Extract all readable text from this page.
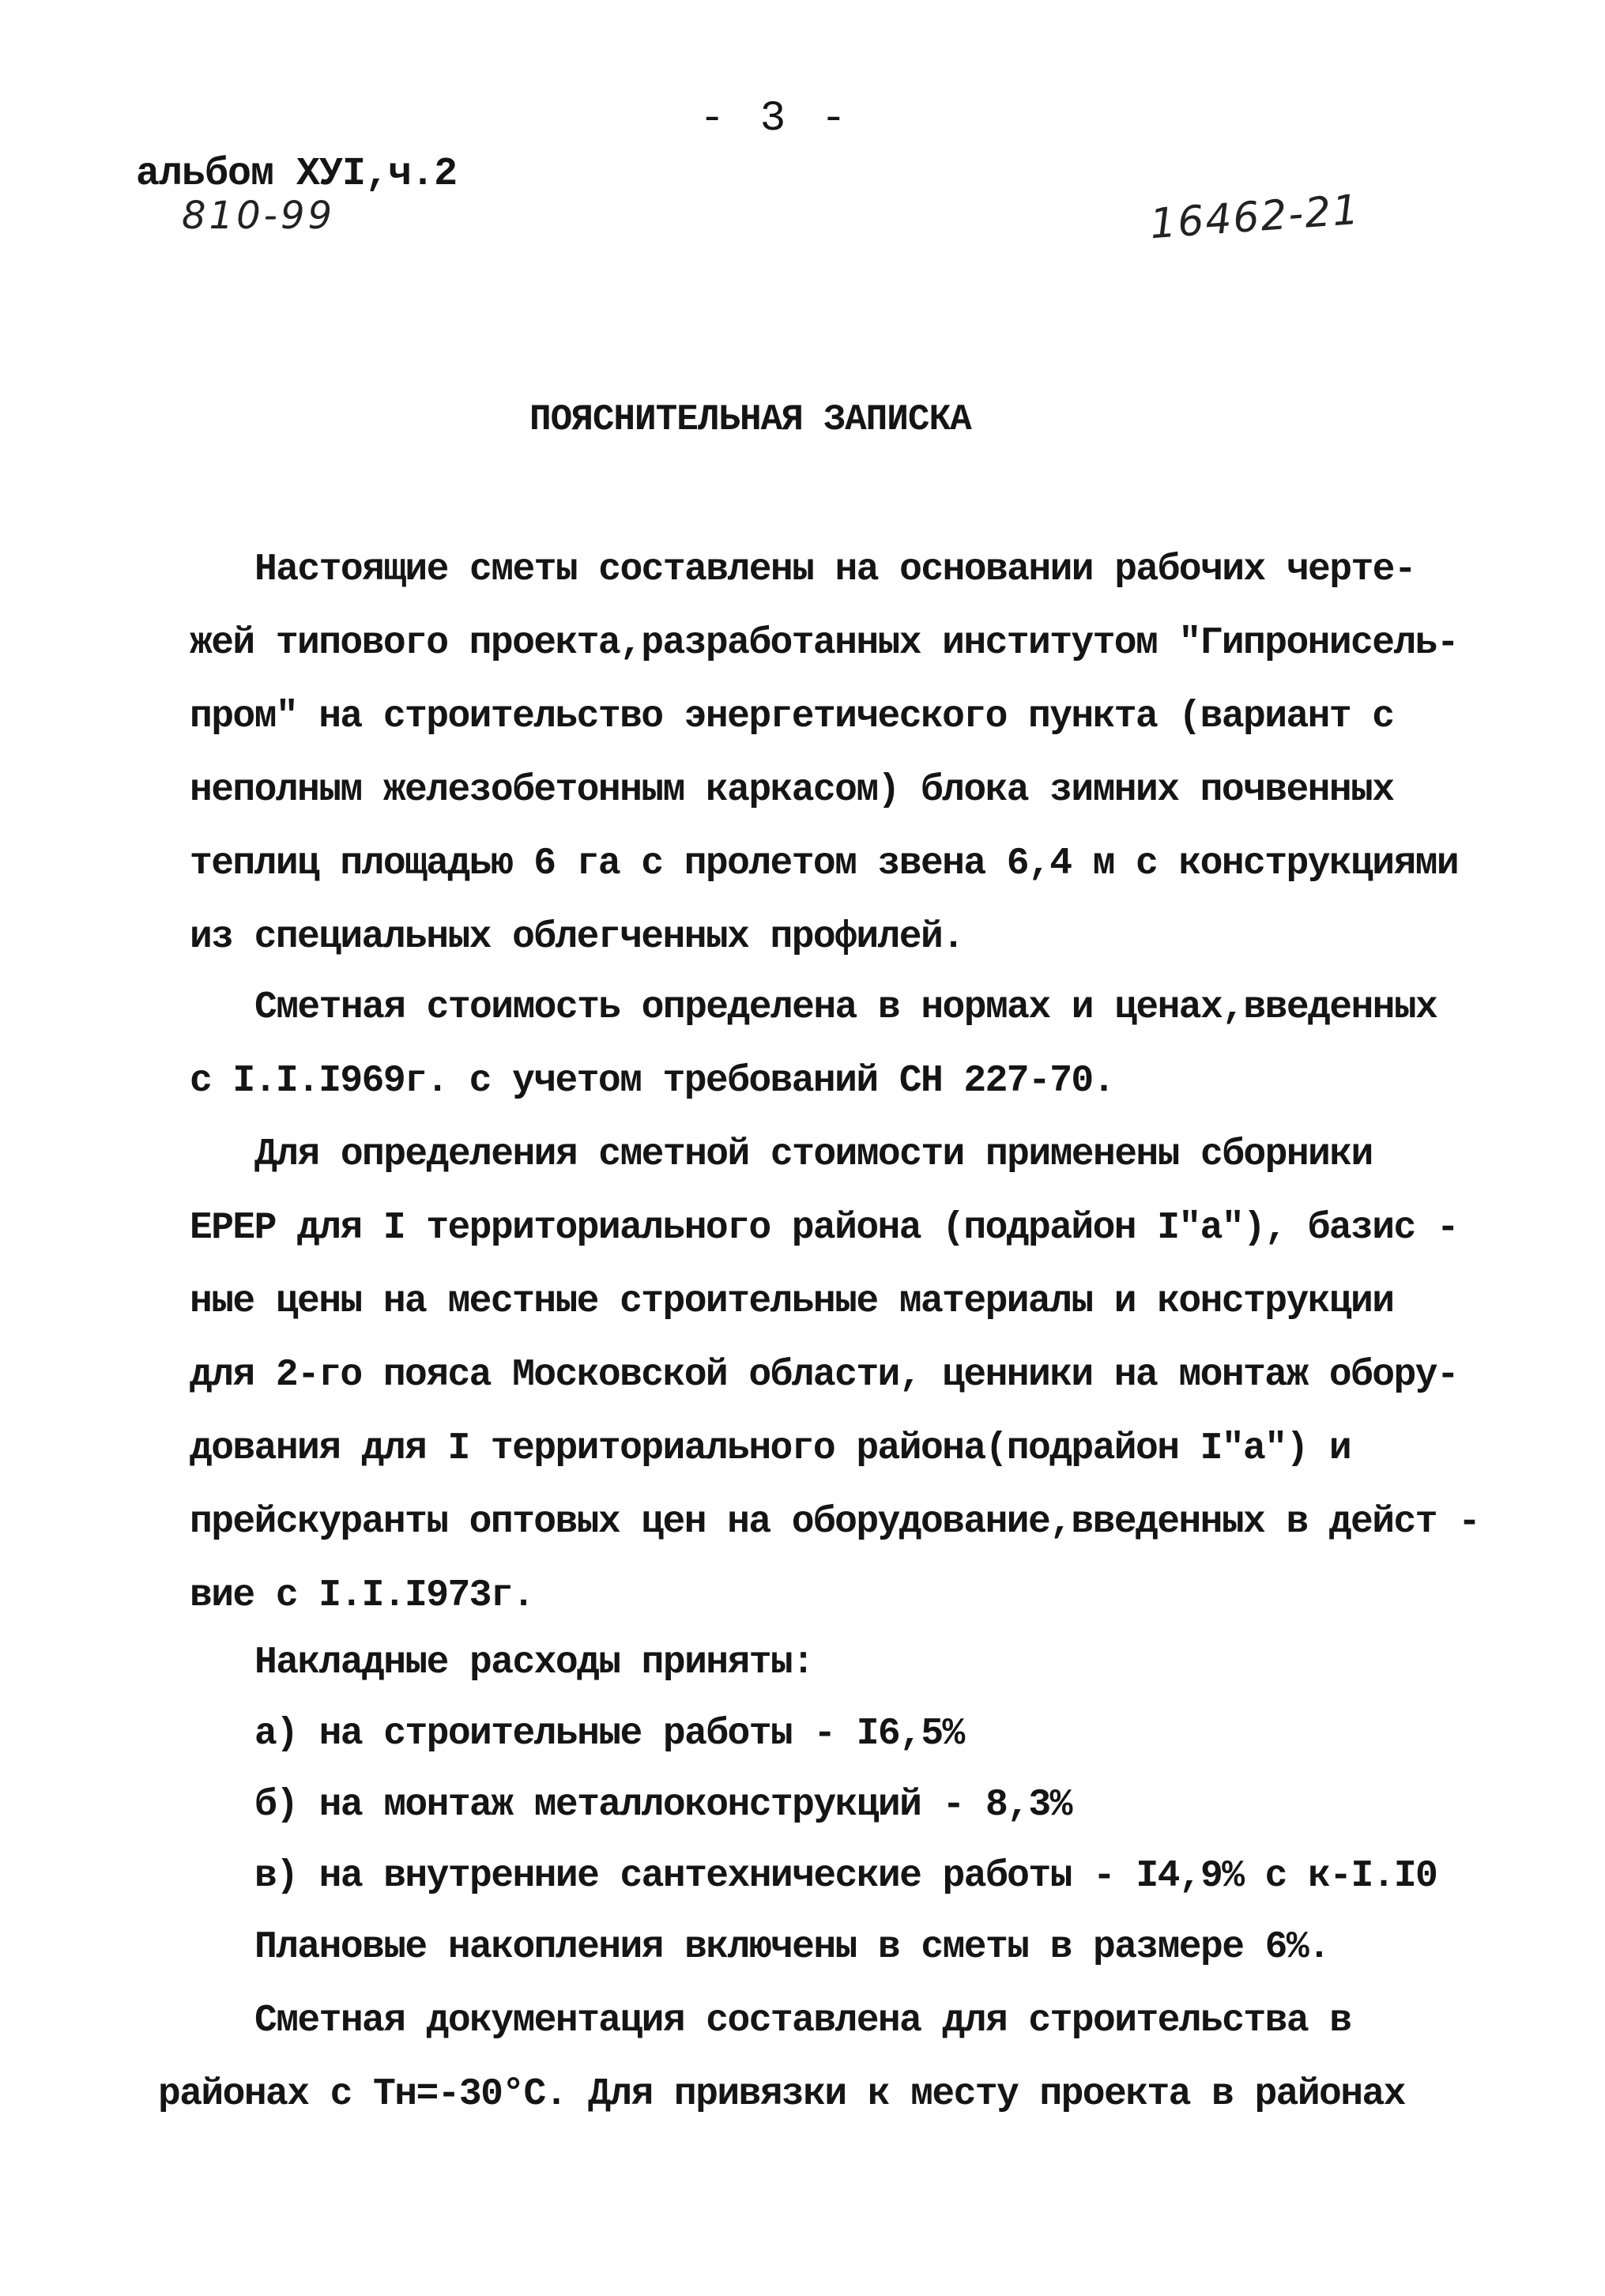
- 3 -
альбом ХУI,ч.2
810-99	16462-21
ПОЯСНИТЕЛЬНАЯ ЗАПИСКА
Настоящие сметы составлены на основании рабочих черте-
жей типового проекта,разработанных институтом "Гипронисель-
пром" на строительство энергетического пункта (вариант с
неполным железобетонным каркасом) блока зимних почвенных
теплиц площадью 6 га с пролетом звена 6,4 м с конструкциями
из специальных облегченных профилей.
Сметная стоимость определена в нормах и ценах,введенных
с I.I.I969г. с учетом требований СН 227-70.
Для определения сметной стоимости применены сборники
ЕРЕР для I территориального района (подрайон I"а"), базис -
ные цены на местные строительные материалы и конструкции
для 2-го пояса Московской области, ценники на монтаж обору-
дования для I территориального района(подрайон I"а") и
прейскуранты оптовых цен на оборудование,введенных в дейст -
вие с I.I.I973г.
Накладные расходы приняты:
а) на строительные работы - I6,5%
б) на монтаж металлоконструкций - 8,3%
в) на внутренние сантехнические работы - I4,9% с к-I.I0
Плановые накопления включены в сметы в размере 6%.
Сметная документация составлена для строительства в
районах с Тн=-30°С. Для привязки к месту проекта в районах
